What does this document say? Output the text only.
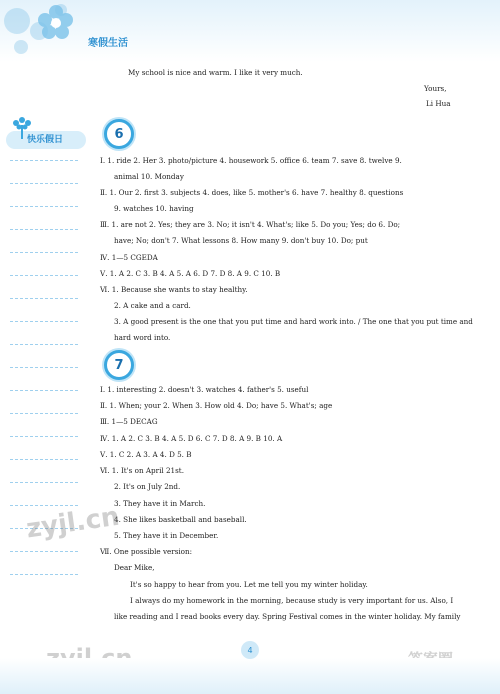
寒假生活
My school is nice and warm. I like it very much.
Yours,
Li Hua
快乐假日	6
Ⅰ. 1. ride 2. Her 3. photo/picture 4. housework 5. office 6. team 7. save 8. twelve 9.
animal 10. Monday
Ⅱ. 1. Our 2. first 3. subjects 4. does, like 5. mother's 6. have 7. healthy 8. questions
9. watches 10. having
Ⅲ. 1. are not 2. Yes; they are 3. No; it isn't 4. What's; like 5. Do you; Yes; do 6. Do;
have; No; don't 7. What lessons 8. How many 9. don't buy 10. Do; put
Ⅳ. 1—5 CGEDA
Ⅴ. 1. A 2. C 3. B 4. A 5. A 6. D 7. D 8. A 9. C 10. B
Ⅵ. 1. Because she wants to stay healthy.
2. A cake and a card.
3. A good present is the one that you put time and hard work into. / The one that you put time and
hard word into.
7
Ⅰ. 1. interesting 2. doesn't 3. watches 4. father's 5. useful
Ⅱ. 1. When; your 2. When 3. How old 4. Do; have 5. What's; age
Ⅲ. 1—5 DECAG
Ⅳ. 1. A 2. C 3. B 4. A 5. D 6. C 7. D 8. A 9. B 10. A
Ⅴ. 1. C 2. A 3. A 4. D 5. B
Ⅵ. 1. It's on April 21st.
2. It's on July 2nd.
3. They have it in March.
4. She likes basketball and baseball.
5. They have it in December.
Ⅶ. One possible version:
Dear Mike,
It's so happy to hear from you. Let me tell you my winter holiday.
I always do my homework in the morning, because study is very important for us. Also, I
like reading and I read books every day. Spring Festival comes in the winter holiday. My family
zyjl.cn
4
